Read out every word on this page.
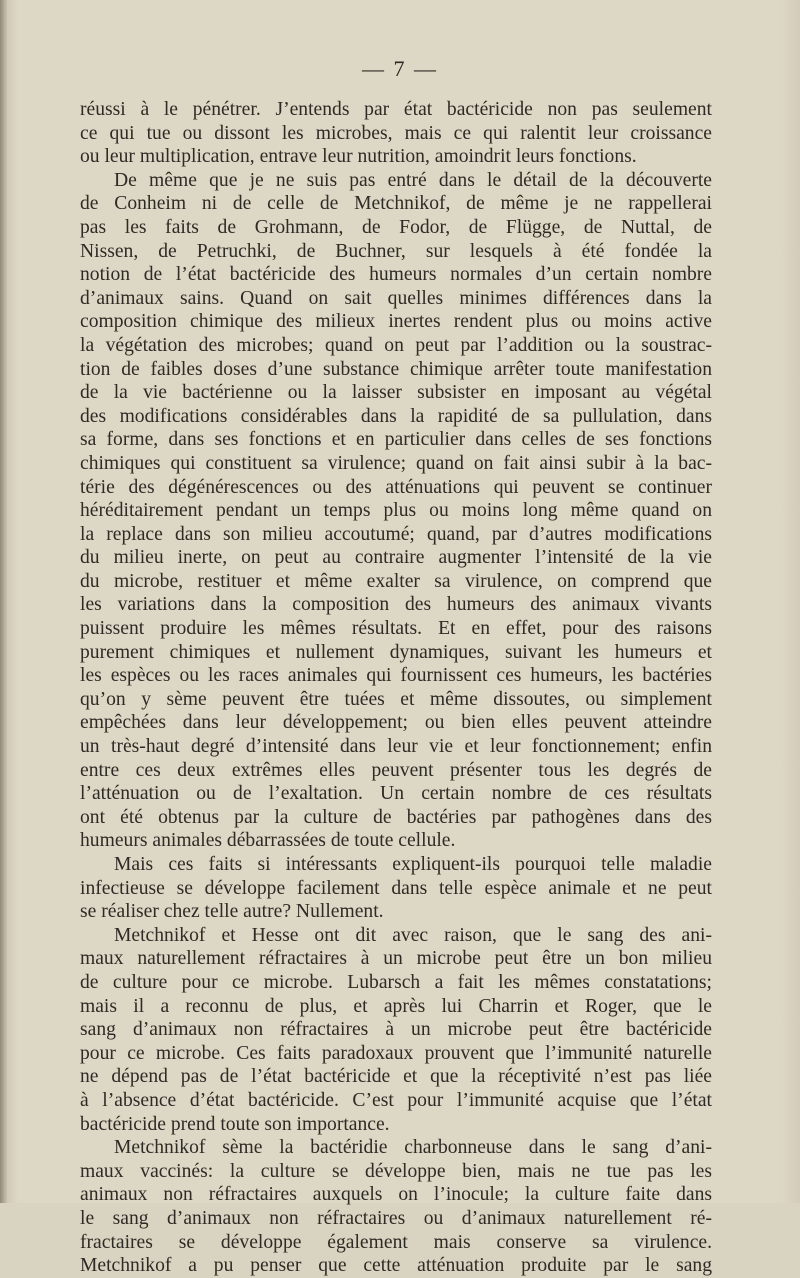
— 7 —
réussi à le pénétrer. J’entends par état bactéricide non pas seulement
ce qui tue ou dissont les microbes, mais ce qui ralentit leur croissance
ou leur multiplication, entrave leur nutrition, amoindrit leurs fonctions.
De même que je ne suis pas entré dans le détail de la découverte
de Conheim ni de celle de Metchnikof, de même je ne rappellerai
pas les faits de Grohmann, de Fodor, de Flügge, de Nuttal, de
Nissen, de Petruchki, de Buchner, sur lesquels à été fondée la
notion de l’état bactéricide des humeurs normales d’un certain nombre
d’animaux sains. Quand on sait quelles minimes différences dans la
composition chimique des milieux inertes rendent plus ou moins active
la végétation des microbes; quand on peut par l’addition ou la soustrac-
tion de faibles doses d’une substance chimique arrêter toute manifestation
de la vie bactérienne ou la laisser subsister en imposant au végétal
des modifications considérables dans la rapidité de sa pullulation, dans
sa forme, dans ses fonctions et en particulier dans celles de ses fonctions
chimiques qui constituent sa virulence; quand on fait ainsi subir à la bac-
térie des dégénérescences ou des atténuations qui peuvent se continuer
héréditairement pendant un temps plus ou moins long même quand on
la replace dans son milieu accoutumé; quand, par d’autres modifications
du milieu inerte, on peut au contraire augmenter l’intensité de la vie
du microbe, restituer et même exalter sa virulence, on comprend que
les variations dans la composition des humeurs des animaux vivants
puissent produire les mêmes résultats. Et en effet, pour des raisons
purement chimiques et nullement dynamiques, suivant les humeurs et
les espèces ou les races animales qui fournissent ces humeurs, les bactéries
qu’on y sème peuvent être tuées et même dissoutes, ou simplement
empêchées dans leur développement; ou bien elles peuvent atteindre
un très-haut degré d’intensité dans leur vie et leur fonctionnement; enfin
entre ces deux extrêmes elles peuvent présenter tous les degrés de
l’atténuation ou de l’exaltation. Un certain nombre de ces résultats
ont été obtenus par la culture de bactéries par pathogènes dans des
humeurs animales débarrassées de toute cellule.
Mais ces faits si intéressants expliquent-ils pourquoi telle maladie
infectieuse se développe facilement dans telle espèce animale et ne peut
se réaliser chez telle autre? Nullement.
Metchnikof et Hesse ont dit avec raison, que le sang des ani-
maux naturellement réfractaires à un microbe peut être un bon milieu
de culture pour ce microbe. Lubarsch a fait les mêmes constatations;
mais il a reconnu de plus, et après lui Charrin et Roger, que le
sang d’animaux non réfractaires à un microbe peut être bactéricide
pour ce microbe. Ces faits paradoxaux prouvent que l’immunité naturelle
ne dépend pas de l’état bactéricide et que la réceptivité n’est pas liée
à l’absence d’état bactéricide. C’est pour l’immunité acquise que l’état
bactéricide prend toute son importance.
Metchnikof sème la bactéridie charbonneuse dans le sang d’ani-
maux vaccinés: la culture se développe bien, mais ne tue pas les
animaux non réfractaires auxquels on l’inocule; la culture faite dans
le sang d’animaux non réfractaires ou d’animaux naturellement ré-
fractaires se développe également mais conserve sa virulence.
Metchnikof a pu penser que cette atténuation produite par le sang
